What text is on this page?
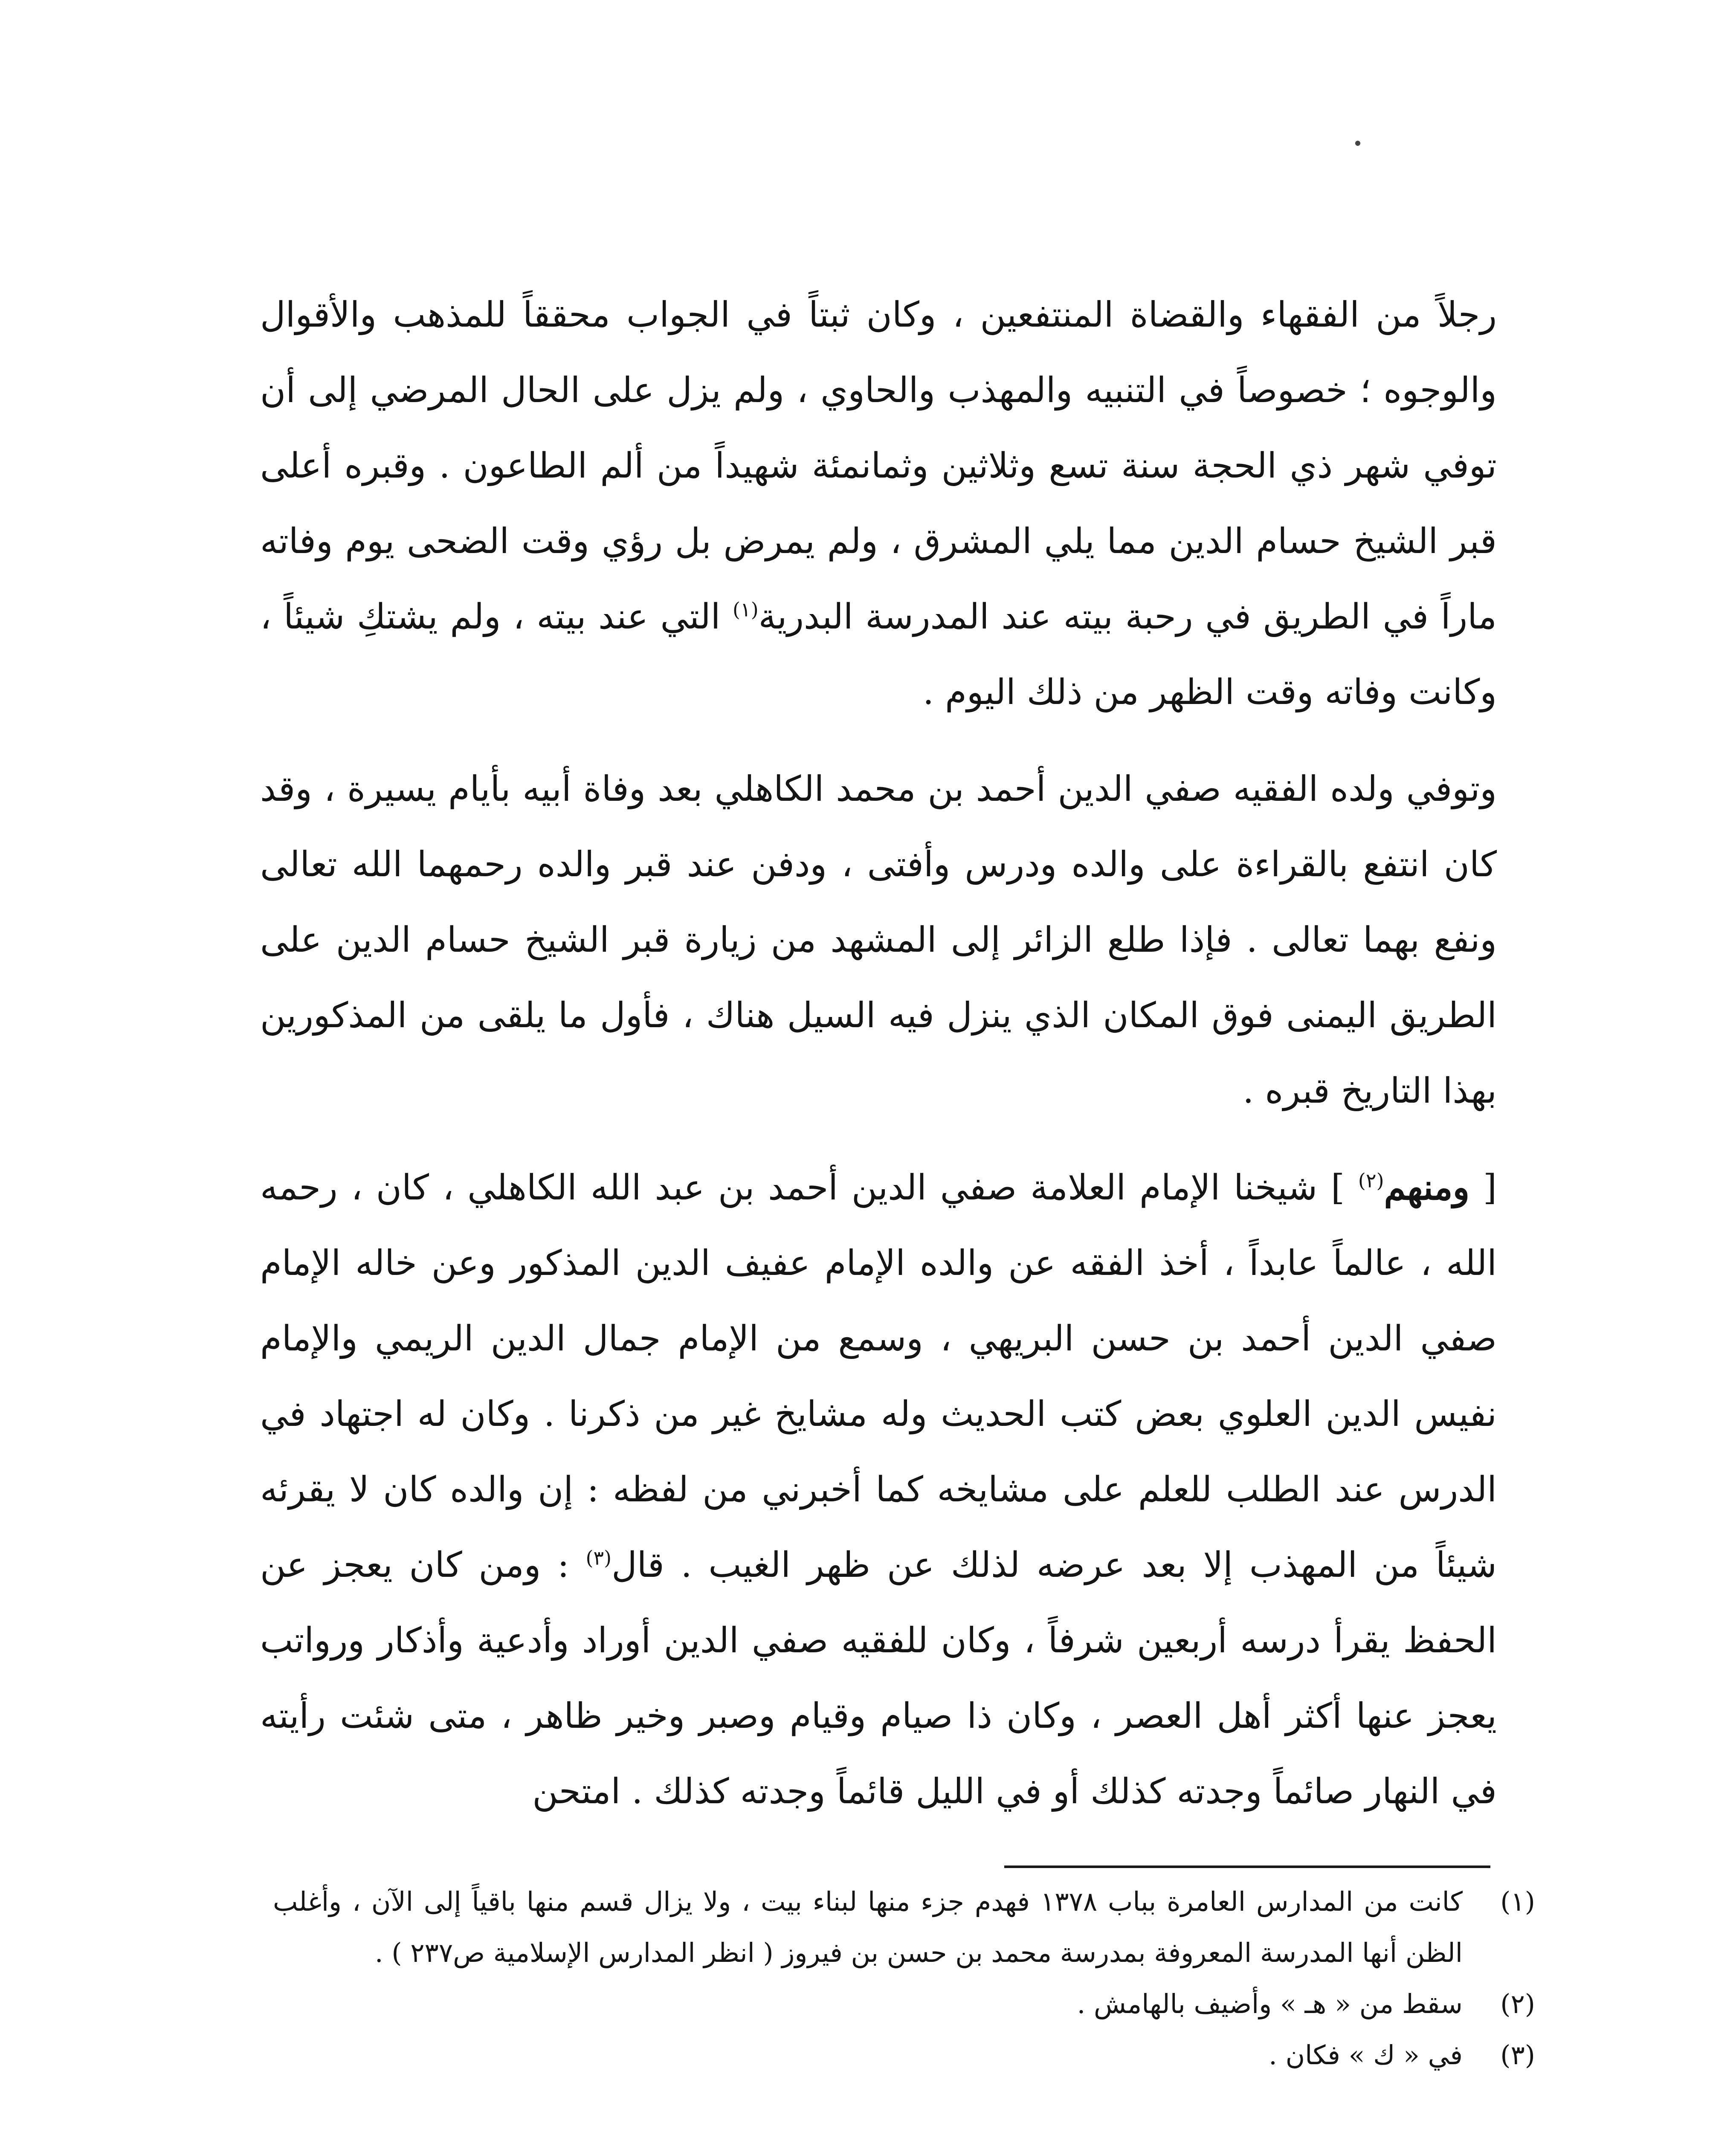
رجلاً من الفقهاء والقضاة المنتفعين ، وكان ثبتاً في الجواب محققاً للمذهب والأقوال والوجوه ؛ خصوصاً في التنبيه والمهذب والحاوي ، ولم يزل على الحال المرضي إلى أن توفي شهر ذي الحجة سنة تسع وثلاثين وثمانمئة شهيداً من ألم الطاعون . وقبره أعلى قبر الشيخ حسام الدين مما يلي المشرق ، ولم يمرض بل رؤي وقت الضحى يوم وفاته ماراً في الطريق في رحبة بيته عند المدرسة البدرية$^{(١)}$ التي عند بيته ، ولم يشتكِ شيئاً ، وكانت وفاته وقت الظهر من ذلك اليوم .

وتوفي ولده الفقيه صفي الدين أحمد بن محمد الكاهلي بعد وفاة أبيه بأيام يسيرة ، وقد كان انتفع بالقراءة على والده ودرس وأفتى ، ودفن عند قبر والده رحمهما الله تعالى ونفع بهما تعالى . فإذا طلع الزائر إلى المشهد من زيارة قبر الشيخ حسام الدين على الطريق اليمنى فوق المكان الذي ينزل فيه السيل هناك ، فأول ما يلقى من المذكورين بهذا التاريخ قبره .

[ ومنهم$^{(٢)}$ ] شيخنا الإمام العلامة صفي الدين أحمد بن عبد الله الكاهلي ، كان ، رحمه الله ، عالماً عابداً ، أخذ الفقه عن والده الإمام عفيف الدين المذكور وعن خاله الإمام صفي الدين أحمد بن حسن البريهي ، وسمع من الإمام جمال الدين الريمي والإمام نفيس الدين العلوي بعض كتب الحديث وله مشايخ غير من ذكرنا . وكان له اجتهاد في الدرس عند الطلب للعلم على مشايخه كما أخبرني من لفظه : إن والده كان لا يقرئه شيئاً من المهذب إلا بعد عرضه لذلك عن ظهر الغيب . قال$^{(٣)}$ : ومن كان يعجز عن الحفظ يقرأ درسه أربعين شرفاً ، وكان للفقيه صفي الدين أوراد وأدعية وأذكار ورواتب يعجز عنها أكثر أهل العصر ، وكان ذا صيام وقيام وصبر وخير ظاهر ، متى شئت رأيته في النهار صائماً وجدته كذلك أو في الليل قائماً وجدته كذلك . امتحن

(١)
كانت من المدارس العامرة بباب ١٣٧٨ فهدم جزء منها لبناء بيت ، ولا يزال قسم منها باقياً إلى الآن ، وأغلب الظن أنها المدرسة المعروفة بمدرسة محمد بن حسن بن فيروز ( انظر المدارس الإسلامية ص٢٣٧ ) .
(٢)
سقط من « هـ » وأضيف بالهامش .
(٣)
في « ك » فكان .
